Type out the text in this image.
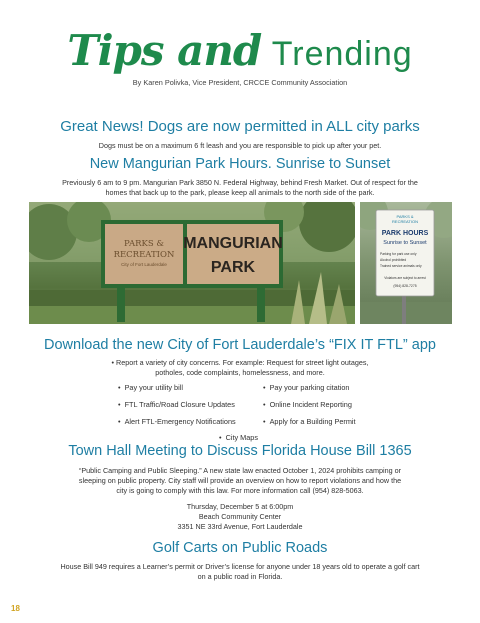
Tips and Trending
By Karen Polivka, Vice President, CRCCE Community Association
Great News! Dogs are now permitted in ALL city parks
Dogs must be on a maximum 6 ft leash and you are responsible to pick up after your pet.
New Mangurian Park Hours. Sunrise to Sunset
Previously 6 am to 9 pm. Mangurian Park 3850 N. Federal Highway, behind Fresh Market. Out of respect for the
homes that back up to the park, please keep all animals to the north side of the park.
PARKS &
RECREATION
City of Fort Lauderdale
MANGURIAN
PARK
PARKS &
RECREATION
PARK HOURS
Sunrise to Sunset
Parking for park use only
Alcohol prohibited
Trained service animals only
Violators are subject to arrest
(954) 828-7275
Download the new City of Fort Lauderdale’s “FIX IT FTL” app
• Report a variety of city concerns. For example: Request for street light outages,
potholes, code complaints, homelessness, and more.
• Pay your utility bill
• FTL Traffic/Road Closure Updates
• Alert FTL-Emergency Notifications
• Pay your parking citation
• Online Incident Reporting
• Apply for a Building Permit
• City Maps
Town Hall Meeting to Discuss Florida House Bill 1365
“Public Camping and Public Sleeping.” A new state law enacted October 1, 2024 prohibits camping or
sleeping on public property. City staff will provide an overview on how to report violations and how the
city is going to comply with this law. For more information call (954) 828-5063.
Thursday, December 5 at 6:00pm
Beach Community Center
3351 NE 33rd Avenue, Fort Lauderdale
Golf Carts on Public Roads
House Bill 949 requires a Learner’s permit or Driver’s license for anyone under 18 years old to operate a golf cart
on a public road in Florida.
18
